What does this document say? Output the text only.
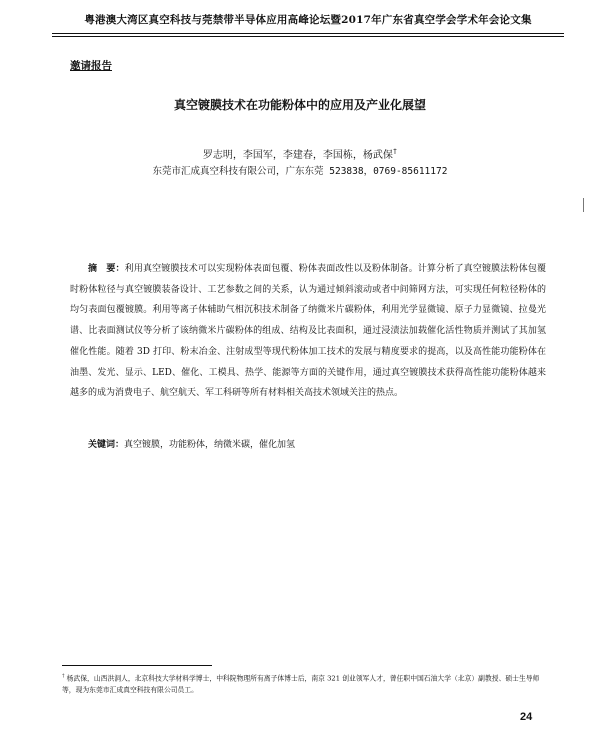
粤港澳大湾区真空科技与莞禁带半导体应用高峰论坛暨2017年广东省真空学会学术年会论文集
邀请报告
真空镀膜技术在功能粉体中的应用及产业化展望
罗志明，李国军，李建春，李国栋，杨武保†
东莞市汇成真空科技有限公司，广东东莞 523838，0769-85611172

摘　要：利用真空镀膜技术可以实现粉体表面包覆、粉体表面改性以及粉体制备。计算分析了真空镀膜法粉体包覆时粉体粒径与真空镀膜装备设计、工艺参数之间的关系，认为通过倾斜滚动或者中间筛网方法，可实现任何粒径粉体的均匀表面包覆镀膜。利用等离子体辅助气相沉积技术制备了纳微米片碳粉体，利用光学显微镜、原子力显微镜、拉曼光谱、比表面测试仪等分析了该纳微米片碳粉体的组成、结构及比表面积，通过浸渍法加载催化活性物质并测试了其加氢催化性能。随着 3D 打印、粉末冶金、注射成型等现代粉体加工技术的发展与精度要求的提高，以及高性能功能粉体在油墨、发光、显示、LED、催化、工模具、热学、能源等方面的关键作用，通过真空镀膜技术获得高性能功能粉体越来越多的成为消费电子、航空航天、军工科研等所有材料相关高技术领域关注的热点。

关键词：真空镀膜，功能粉体，纳微米碳，催化加氢

† 杨武保，山西洪洞人，北京科技大学材料学博士，中科院物理所有离子体博士后，南京 321 创业领军人才，曾任职中国石油大学（北京）副教授、硕士生导师等，现为东莞市汇成真空科技有限公司员工。

24
